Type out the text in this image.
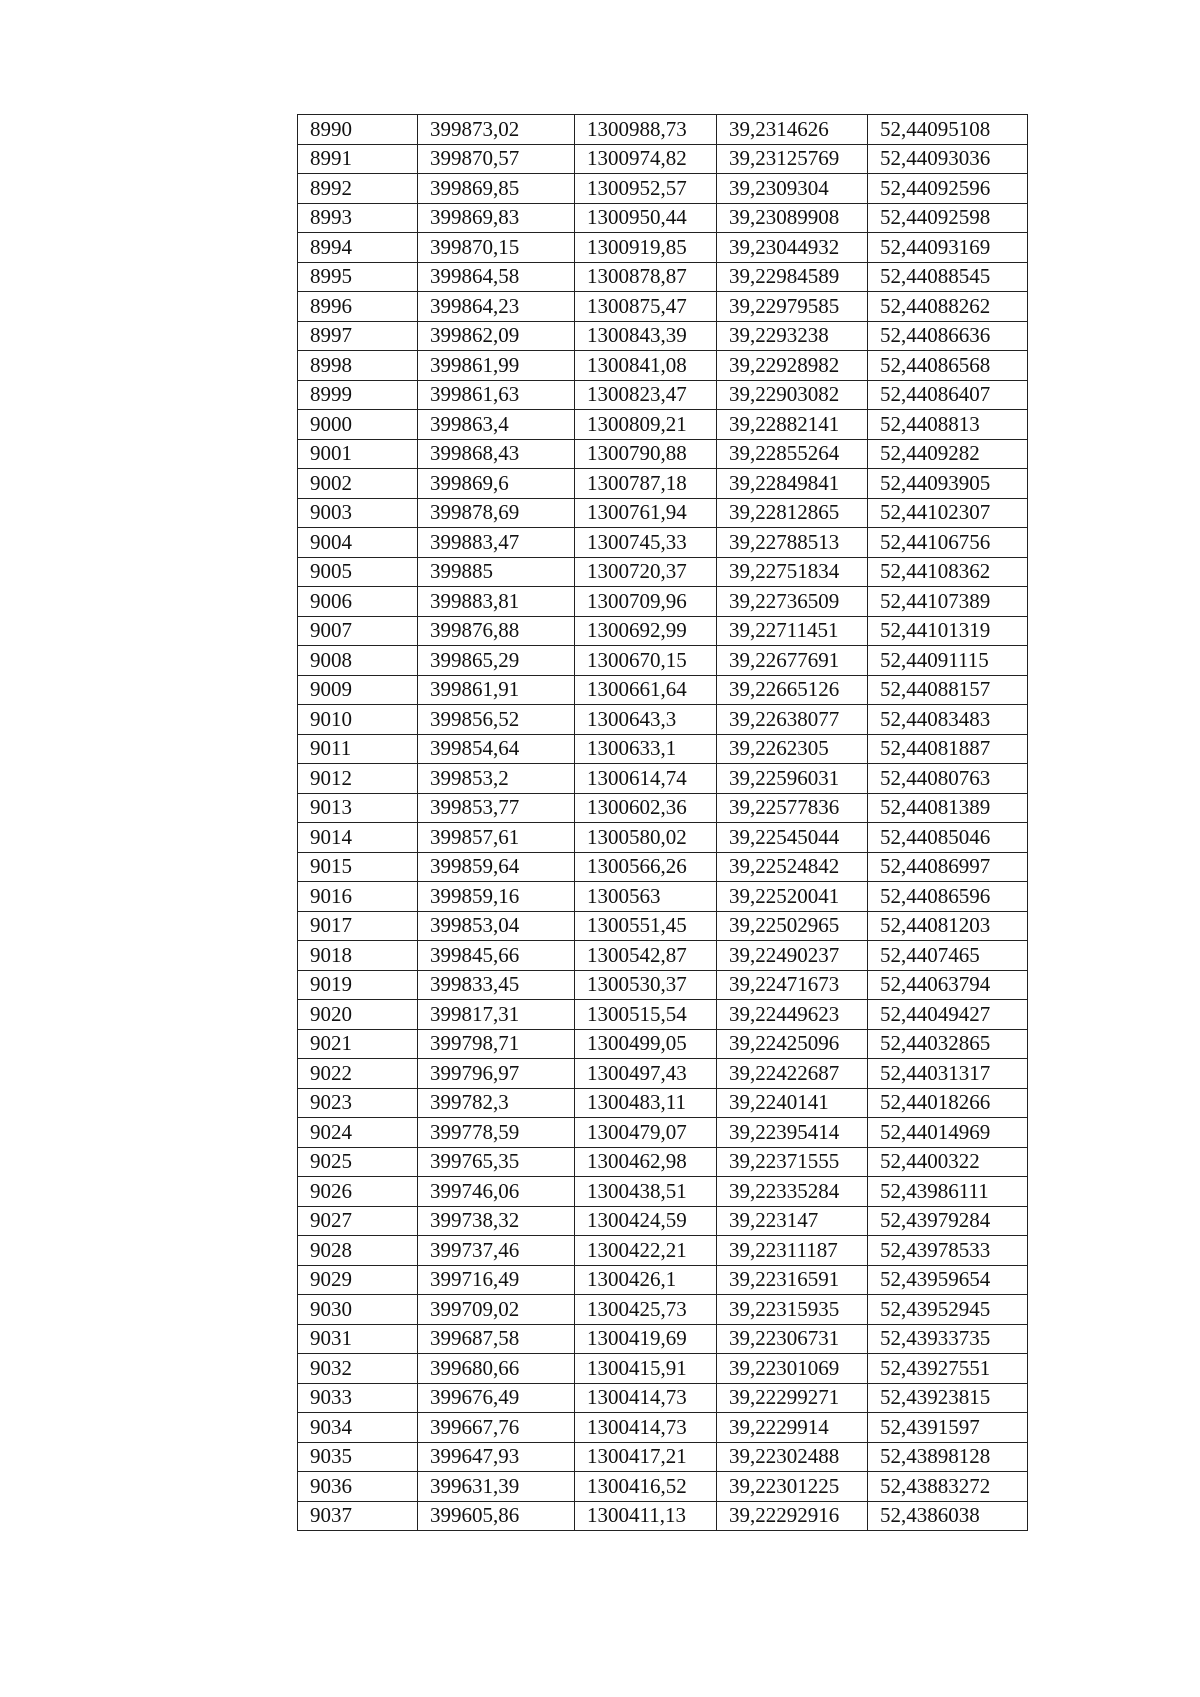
8990	399873,02	1300988,73	39,2314626	52,44095108
8991	399870,57	1300974,82	39,23125769	52,44093036
8992	399869,85	1300952,57	39,2309304	52,44092596
8993	399869,83	1300950,44	39,23089908	52,44092598
8994	399870,15	1300919,85	39,23044932	52,44093169
8995	399864,58	1300878,87	39,22984589	52,44088545
8996	399864,23	1300875,47	39,22979585	52,44088262
8997	399862,09	1300843,39	39,2293238	52,44086636
8998	399861,99	1300841,08	39,22928982	52,44086568
8999	399861,63	1300823,47	39,22903082	52,44086407
9000	399863,4	1300809,21	39,22882141	52,4408813
9001	399868,43	1300790,88	39,22855264	52,4409282
9002	399869,6	1300787,18	39,22849841	52,44093905
9003	399878,69	1300761,94	39,22812865	52,44102307
9004	399883,47	1300745,33	39,22788513	52,44106756
9005	399885	1300720,37	39,22751834	52,44108362
9006	399883,81	1300709,96	39,22736509	52,44107389
9007	399876,88	1300692,99	39,22711451	52,44101319
9008	399865,29	1300670,15	39,22677691	52,44091115
9009	399861,91	1300661,64	39,22665126	52,44088157
9010	399856,52	1300643,3	39,22638077	52,44083483
9011	399854,64	1300633,1	39,2262305	52,44081887
9012	399853,2	1300614,74	39,22596031	52,44080763
9013	399853,77	1300602,36	39,22577836	52,44081389
9014	399857,61	1300580,02	39,22545044	52,44085046
9015	399859,64	1300566,26	39,22524842	52,44086997
9016	399859,16	1300563	39,22520041	52,44086596
9017	399853,04	1300551,45	39,22502965	52,44081203
9018	399845,66	1300542,87	39,22490237	52,4407465
9019	399833,45	1300530,37	39,22471673	52,44063794
9020	399817,31	1300515,54	39,22449623	52,44049427
9021	399798,71	1300499,05	39,22425096	52,44032865
9022	399796,97	1300497,43	39,22422687	52,44031317
9023	399782,3	1300483,11	39,2240141	52,44018266
9024	399778,59	1300479,07	39,22395414	52,44014969
9025	399765,35	1300462,98	39,22371555	52,4400322
9026	399746,06	1300438,51	39,22335284	52,43986111
9027	399738,32	1300424,59	39,223147	52,43979284
9028	399737,46	1300422,21	39,22311187	52,43978533
9029	399716,49	1300426,1	39,22316591	52,43959654
9030	399709,02	1300425,73	39,22315935	52,43952945
9031	399687,58	1300419,69	39,22306731	52,43933735
9032	399680,66	1300415,91	39,22301069	52,43927551
9033	399676,49	1300414,73	39,22299271	52,43923815
9034	399667,76	1300414,73	39,2229914	52,4391597
9035	399647,93	1300417,21	39,22302488	52,43898128
9036	399631,39	1300416,52	39,22301225	52,43883272
9037	399605,86	1300411,13	39,22292916	52,4386038
